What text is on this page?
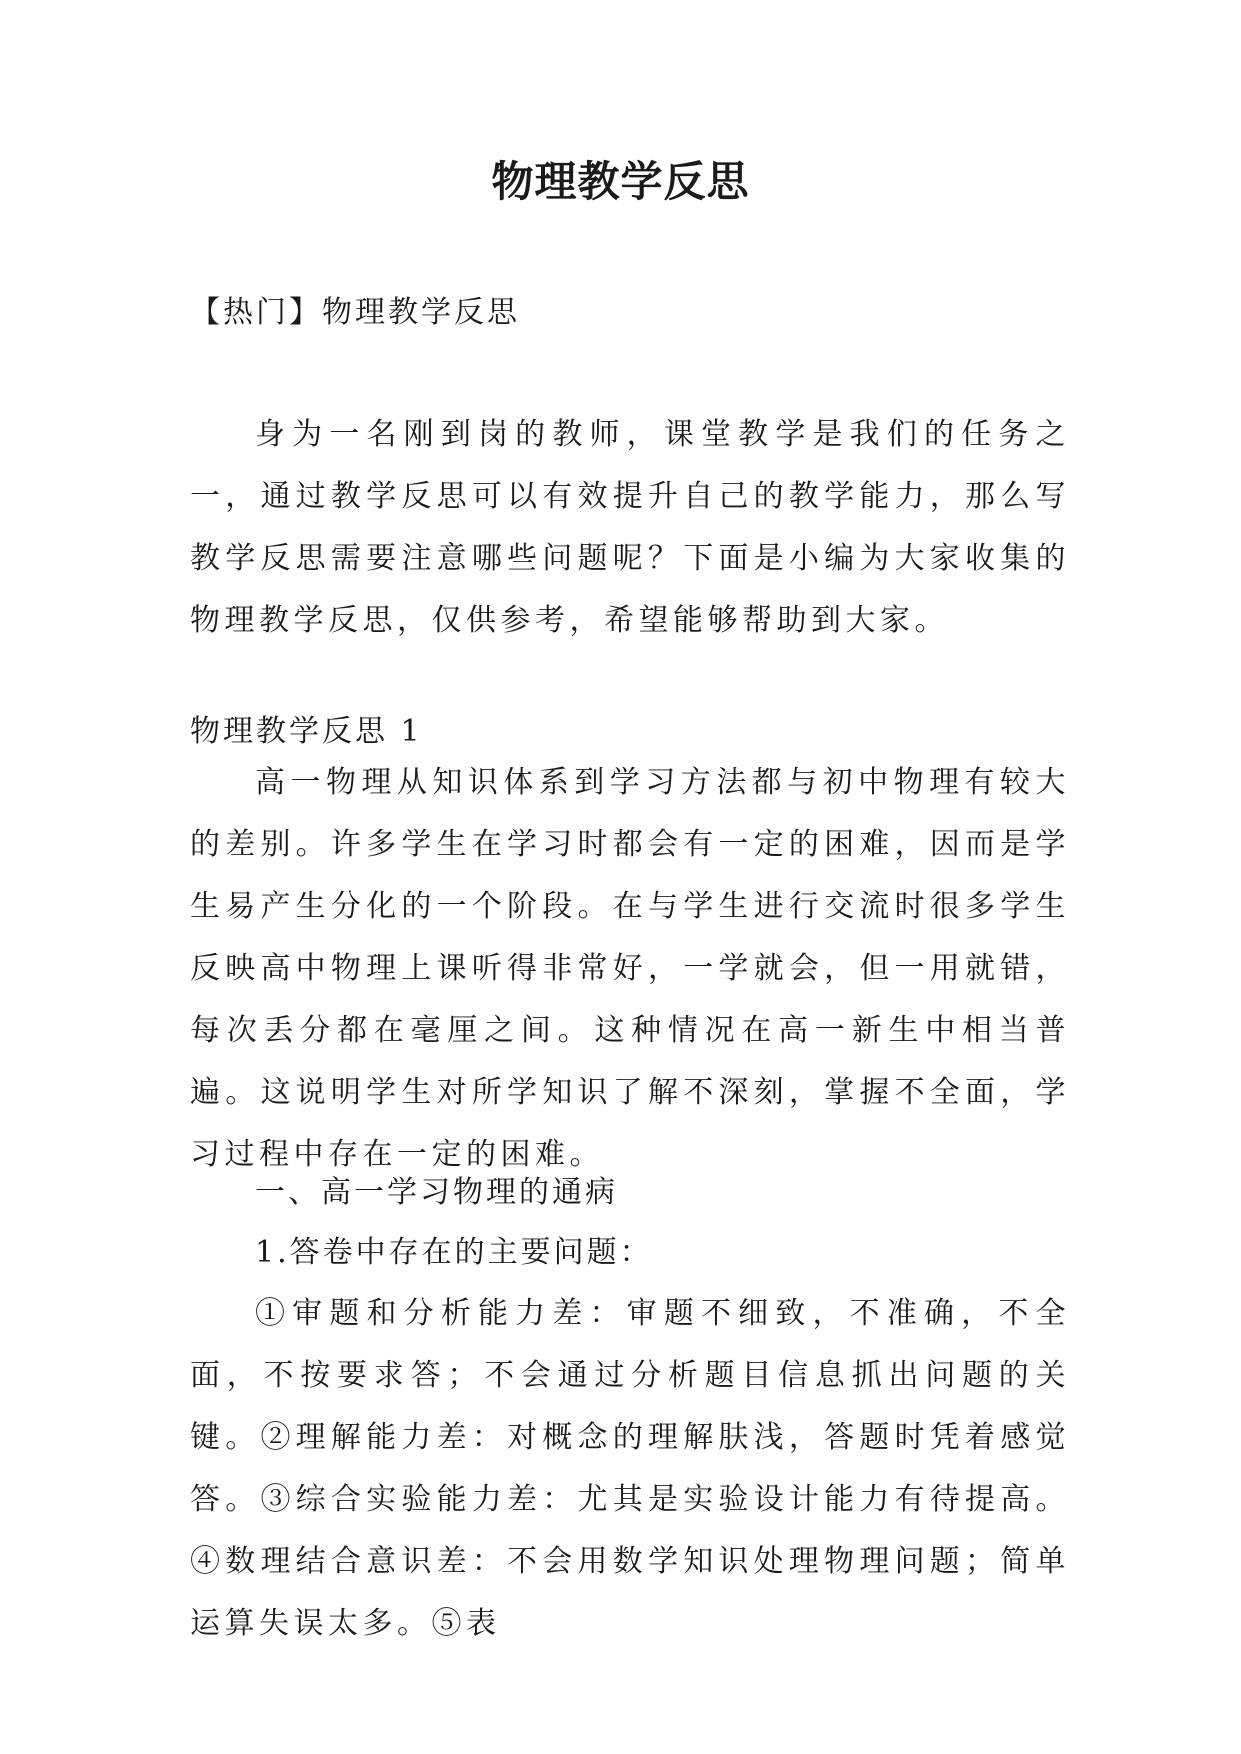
物理教学反思

【热门】物理教学反思

身为一名刚到岗的教师，课堂教学是我们的任务之一，通过教学反思可以有效提升自己的教学能力，那么写教学反思需要注意哪些问题呢？下面是小编为大家收集的物理教学反思，仅供参考，希望能够帮助到大家。

物理教学反思 1

高一物理从知识体系到学习方法都与初中物理有较大的差别。许多学生在学习时都会有一定的困难，因而是学生易产生分化的一个阶段。在与学生进行交流时很多学生反映高中物理上课听得非常好，一学就会，但一用就错，每次丢分都在毫厘之间。这种情况在高一新生中相当普遍。这说明学生对所学知识了解不深刻，掌握不全面，学习过程中存在一定的困难。

一、高一学习物理的通病

1.答卷中存在的主要问题：

①审题和分析能力差：审题不细致，不准确，不全面，不按要求答；不会通过分析题目信息抓出问题的关键。②理解能力差：对概念的理解肤浅，答题时凭着感觉答。③综合实验能力差：尤其是实验设计能力有待提高。④数理结合意识差：不会用数学知识处理物理问题；简单运算失误太多。⑤表
